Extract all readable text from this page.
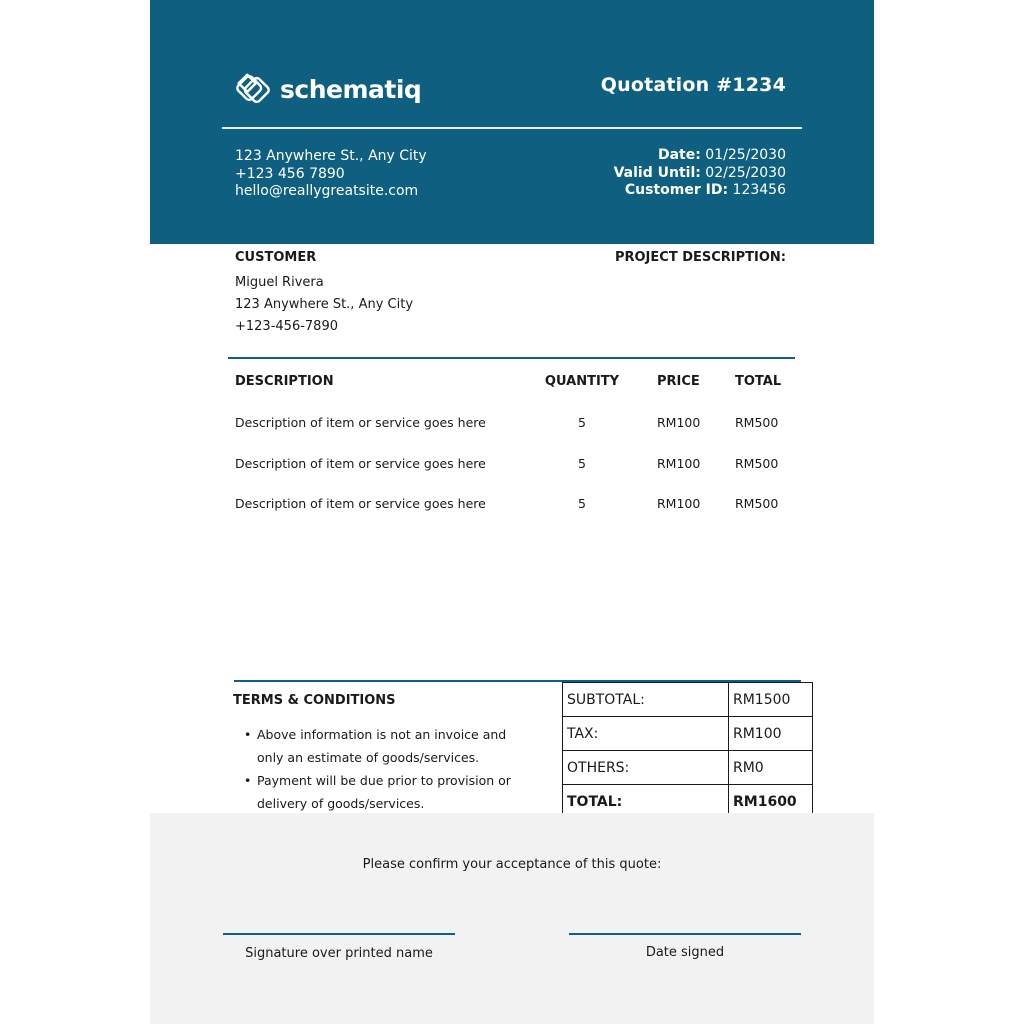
schematiq	Quotation #1234
123 Anywhere St., Any City
+123 456 7890
hello@reallygreatsite.com
Date: 01/25/2030
Valid Until: 02/25/2030
Customer ID: 123456
CUSTOMER
Miguel Rivera
123 Anywhere St., Any City
+123-456-7890
PROJECT DESCRIPTION:
DESCRIPTION	QUANTITY	PRICE	TOTAL
Description of item or service goes here	5	RM100	RM500
Description of item or service goes here	5	RM100	RM500
Description of item or service goes here	5	RM100	RM500
TERMS & CONDITIONS
• Above information is not an invoice and
only an estimate of goods/services.
• Payment will be due prior to provision or
delivery of goods/services.
SUBTOTAL:	RM1500
TAX:	RM100
OTHERS:	RM0
TOTAL:	RM1600
Please confirm your acceptance of this quote:
Signature over printed name	Date signed
